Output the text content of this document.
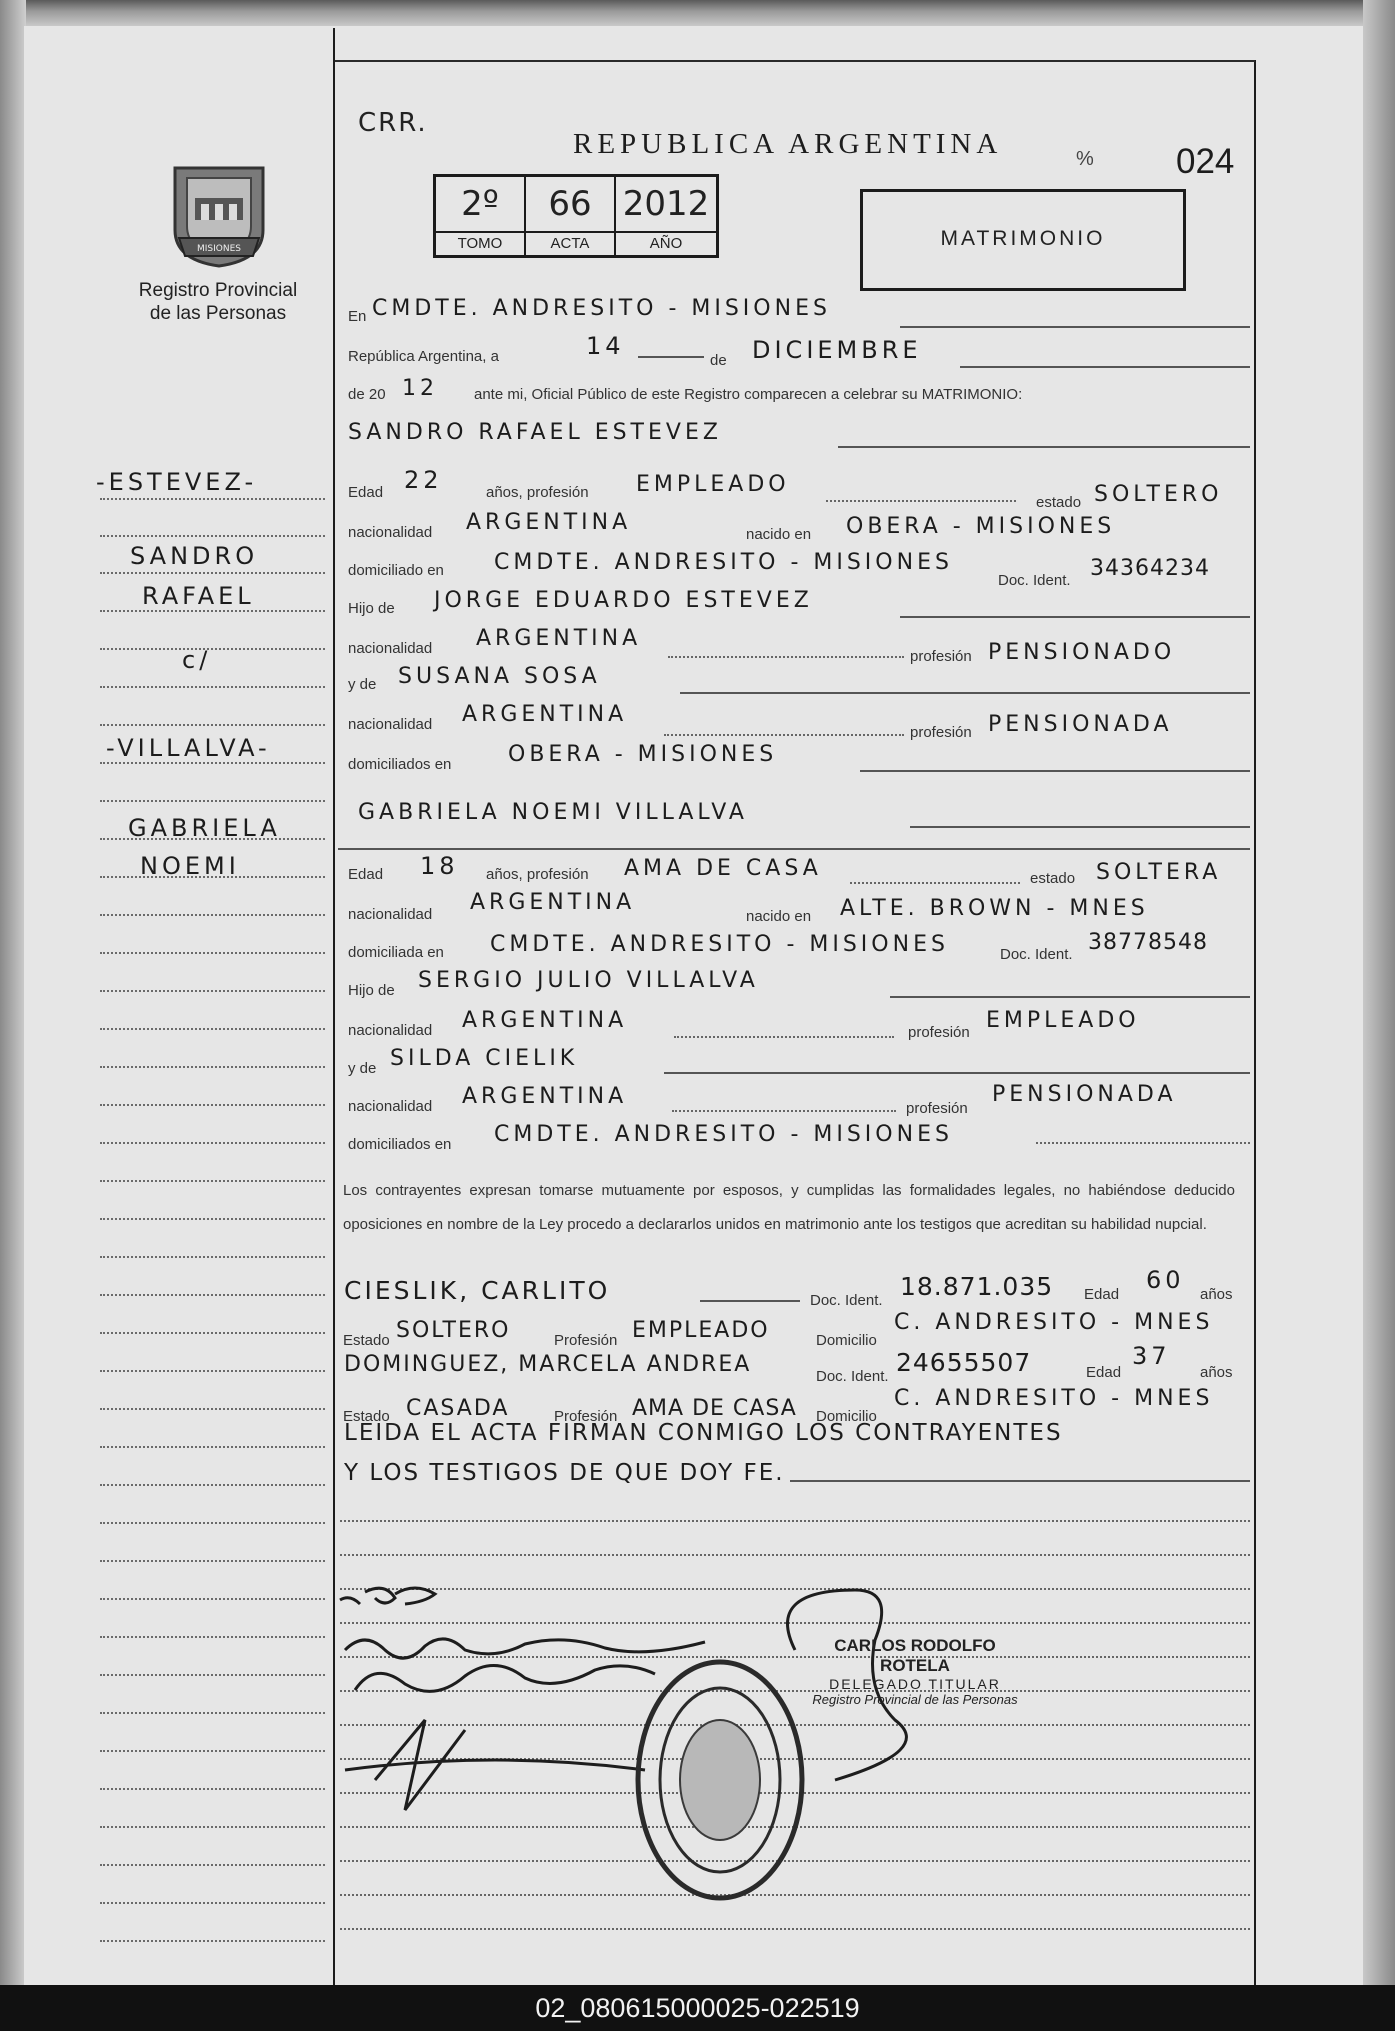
CRR.
REPUBLICA ARGENTINA	% 024
2º
TOMO
66
ACTA
2012
AÑO	MATRIMONIO
MISIONES
Registro Provincial
de las Personas
-ESTEVEZ-
SANDRO
RAFAEL
c/
-VILLALVA-
GABRIELA
NOEMI
En CMDTE. ANDRESITO - MISIONES
República Argentina, a	14
de DICIEMBRE
de 20 12 ante mi, Oficial Público de este Registro comparecen a celebrar su MATRIMONIO:
SANDRO RAFAEL ESTEVEZ
Edad 22	años, profesión EMPLEADO
estado SOLTERO
nacionalidad ARGENTINA	nacido en OBERA - MISIONES
domiciliado en CMDTE. ANDRESITO - MISIONES
Doc. Ident. 34364234
Hijo de JORGE EDUARDO ESTEVEZ
nacionalidad ARGENTINA
profesión PENSIONADO
y de SUSANA SOSA
nacionalidad ARGENTINA
profesión PENSIONADA
domiciliados en	OBERA - MISIONES
GABRIELA NOEMI VILLALVA
Edad 18 años, profesión AMA DE CASA	estado SOLTERA
nacionalidad ARGENTINA
nacido en ALTE. BROWN - MNES
domiciliada en CMDTE. ANDRESITO - MISIONES	Doc. Ident. 38778548
Hijo de SERGIO JULIO VILLALVA
nacionalidad ARGENTINA	profesión EMPLEADO
y de SILDA CIELIK
nacionalidad ARGENTINA	profesión
PENSIONADA
domiciliados en CMDTE. ANDRESITO - MISIONES
Los contrayentes expresan tomarse mutuamente por esposos, y cumplidas las formalidades legales, no habiéndose deducido oposiciones en nombre de la Ley procedo a declararlos unidos en matrimonio ante los testigos que acreditan su habilidad nupcial.
CIESLIK, CARLITO	Doc. Ident. 18.871.035 Edad
60
años
Estado SOLTERO	Profesión EMPLEADO	Domicilio
C. ANDRESITO - MNES
DOMINGUEZ, MARCELA ANDREA	Doc. Ident. 24655507	Edad
37
años
Estado CASADA	Profesión AMA DE CASA Domicilio
C. ANDRESITO - MNES
LEIDA EL ACTA FIRMAN CONMIGO LOS CONTRAYENTES
Y LOS TESTIGOS DE QUE DOY FE.
CARLOS RODOLFO ROTELA
DELEGADO TITULAR
Registro Provincial de las Personas
02_080615000025-022519
